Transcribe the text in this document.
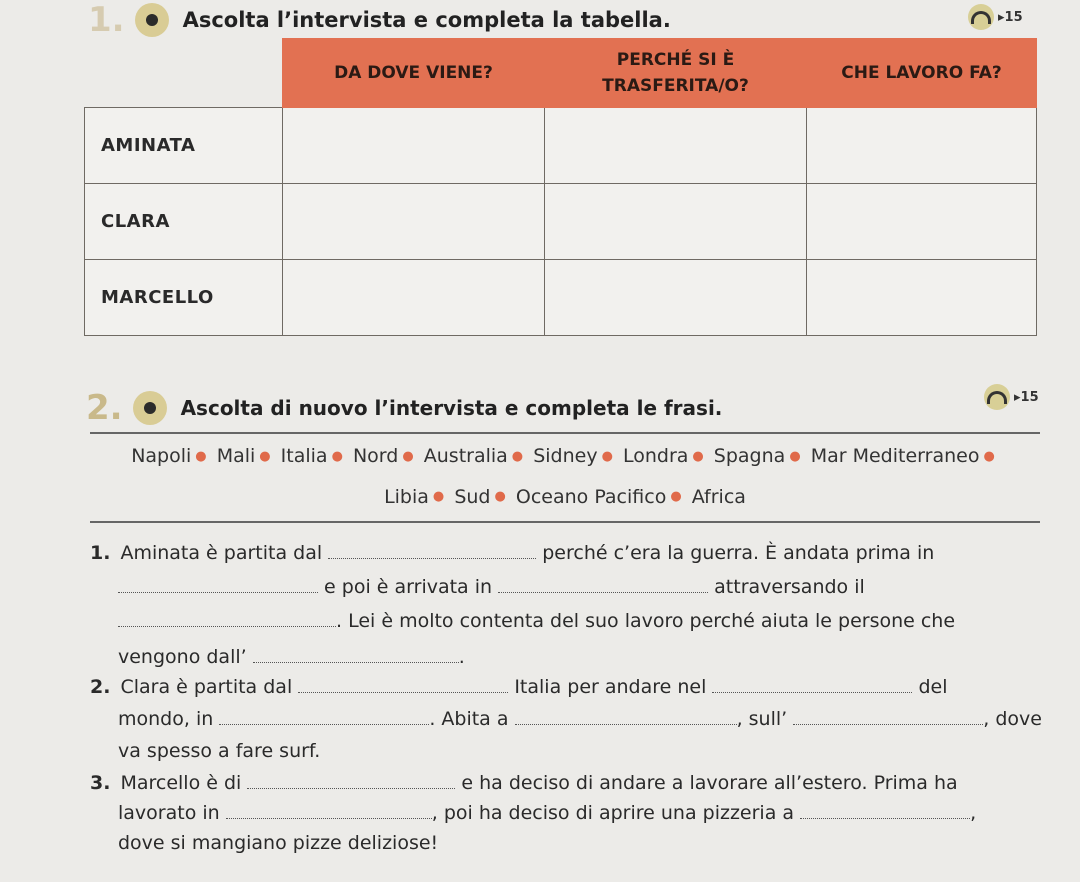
1.	Ascolta l’intervista e completa la tabella.	▸ 15
	DA DOVE VIENE?	PERCHÉ SI È TRASFERITA/O?	CHE LAVORO FA?
AMINATA			
CLARA			
MARCELLO			
2.	Ascolta di nuovo l’intervista e completa le frasi.	▸ 15
Napoli ● Mali ● Italia ● Nord ● Australia ● Sidney ● Londra ● Spagna ● Mar Mediterraneo ●
Libia ● Sud ● Oceano Pacifico ● Africa
1. Aminata è partita dal	perché c’era la guerra. È andata prima in
e poi è arrivata in	attraversando il
. Lei è molto contenta del suo lavoro perché aiuta le persone che
vengono dall’	.
2. Clara è partita dal	Italia per andare nel	del
mondo, in	. Abita a	, sull’	, dove
va spesso a fare surf.
3. Marcello è di	e ha deciso di andare a lavorare all’estero. Prima ha
lavorato in	, poi ha deciso di aprire una pizzeria a	,
dove si mangiano pizze deliziose!
